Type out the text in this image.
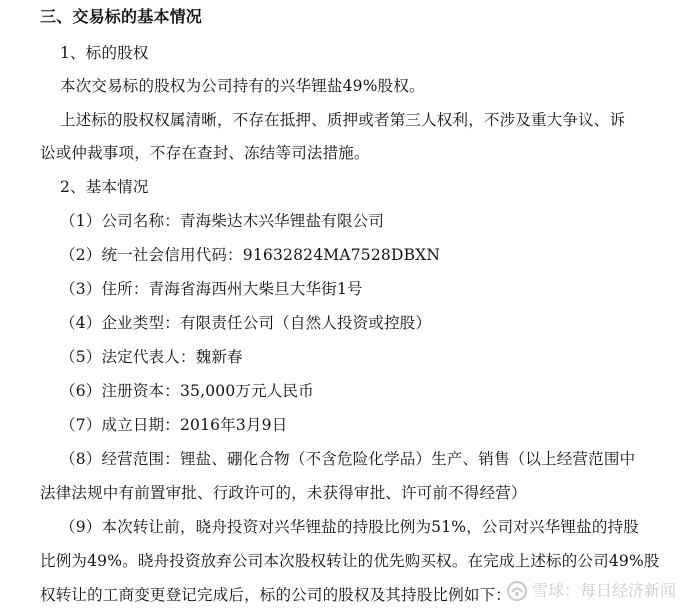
三、交易标的基本情况
1、标的股权
本次交易标的股权为公司持有的兴华锂盐49%股权。
上述标的股权权属清晰，不存在抵押、质押或者第三人权利，不涉及重大争议、诉
讼或仲裁事项，不存在查封、冻结等司法措施。
2、基本情况
（1）公司名称：青海柴达木兴华锂盐有限公司
（2）统一社会信用代码：91632824MA7528DBXN
（3）住所：青海省海西州大柴旦大华街1号
（4）企业类型：有限责任公司（自然人投资或控股）
（5）法定代表人：魏新春
（6）注册资本：35,000万元人民币
（7）成立日期：2016年3月9日
（8）经营范围：锂盐、硼化合物（不含危险化学品）生产、销售（以上经营范围中
法律法规中有前置审批、行政许可的，未获得审批、许可前不得经营）
（9）本次转让前，晓舟投资对兴华锂盐的持股比例为51%，公司对兴华锂盐的持股
比例为49%。晓舟投资放弃公司本次股权转让的优先购买权。在完成上述标的公司49%股
权转让的工商变更登记完成后，标的公司的股权及其持股比例如下： 雪球：每日经济新闻
